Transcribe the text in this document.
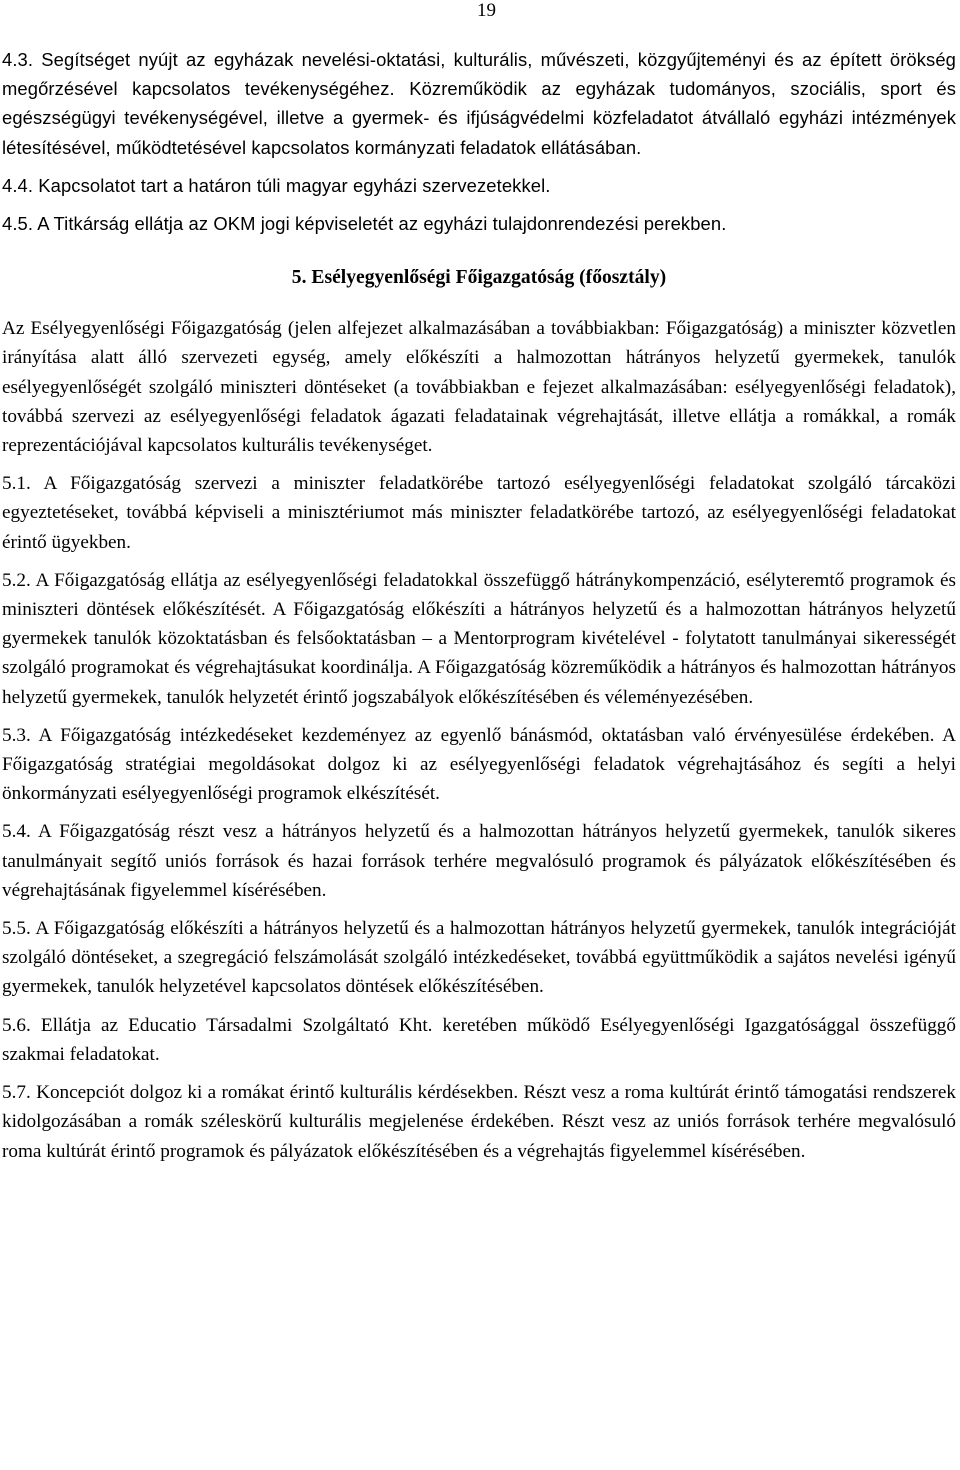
19

4.3. Segítséget nyújt az egyházak nevelési-oktatási, kulturális, művészeti, közgyűjteményi és az épített örökség megőrzésével kapcsolatos tevékenységéhez. Közreműködik az egyházak tudományos, szociális, sport és egészségügyi tevékenységével, illetve a gyermek- és ifjúságvédelmi közfeladatot átvállaló egyházi intézmények létesítésével, működtetésével kapcsolatos kormányzati feladatok ellátásában.

4.4. Kapcsolatot tart a határon túli magyar egyházi szervezetekkel.

4.5. A Titkárság ellátja az OKM jogi képviseletét az egyházi tulajdonrendezési perekben.

5. Esélyegyenlőségi Főigazgatóság (főosztály)

Az Esélyegyenlőségi Főigazgatóság (jelen alfejezet alkalmazásában a továbbiakban: Főigazgatóság) a miniszter közvetlen irányítása alatt álló szervezeti egység, amely előkészíti a halmozottan hátrányos helyzetű gyermekek, tanulók esélyegyenlőségét szolgáló miniszteri döntéseket (a továbbiakban e fejezet alkalmazásában: esélyegyenlőségi feladatok), továbbá szervezi az esélyegyenlőségi feladatok ágazati feladatainak végrehajtását, illetve ellátja a romákkal, a romák reprezentációjával kapcsolatos kulturális tevékenységet.

5.1. A Főigazgatóság szervezi a miniszter feladatkörébe tartozó esélyegyenlőségi feladatokat szolgáló tárcaközi egyeztetéseket, továbbá képviseli a minisztériumot más miniszter feladatkörébe tartozó, az esélyegyenlőségi feladatokat érintő ügyekben.

5.2. A Főigazgatóság ellátja az esélyegyenlőségi feladatokkal összefüggő hátránykompenzáció, esélyteremtő programok és miniszteri döntések előkészítését. A Főigazgatóság előkészíti a hátrányos helyzetű és a halmozottan hátrányos helyzetű gyermekek tanulók közoktatásban és felsőoktatásban – a Mentorprogram kivételével - folytatott tanulmányai sikerességét szolgáló programokat és végrehajtásukat koordinálja. A Főigazgatóság közreműködik a hátrányos és halmozottan hátrányos helyzetű gyermekek, tanulók helyzetét érintő jogszabályok előkészítésében és véleményezésében.

5.3. A Főigazgatóság intézkedéseket kezdeményez az egyenlő bánásmód, oktatásban való érvényesülése érdekében. A Főigazgatóság stratégiai megoldásokat dolgoz ki az esélyegyenlőségi feladatok végrehajtásához és segíti a helyi önkormányzati esélyegyenlőségi programok elkészítését.

5.4. A Főigazgatóság részt vesz a hátrányos helyzetű és a halmozottan hátrányos helyzetű gyermekek, tanulók sikeres tanulmányait segítő uniós források és hazai források terhére megvalósuló programok és pályázatok előkészítésében és végrehajtásának figyelemmel kísérésében.

5.5. A Főigazgatóság előkészíti a hátrányos helyzetű és a halmozottan hátrányos helyzetű gyermekek, tanulók integrációját szolgáló döntéseket, a szegregáció felszámolását szolgáló intézkedéseket, továbbá együttműködik a sajátos nevelési igényű gyermekek, tanulók helyzetével kapcsolatos döntések előkészítésében.

5.6. Ellátja az Educatio Társadalmi Szolgáltató Kht. keretében működő Esélyegyenlőségi Igazgatósággal összefüggő szakmai feladatokat.

5.7. Koncepciót dolgoz ki a romákat érintő kulturális kérdésekben. Részt vesz a roma kultúrát érintő támogatási rendszerek kidolgozásában a romák széleskörű kulturális megjelenése érdekében. Részt vesz az uniós források terhére megvalósuló roma kultúrát érintő programok és pályázatok előkészítésében és a végrehajtás figyelemmel kísérésében.
